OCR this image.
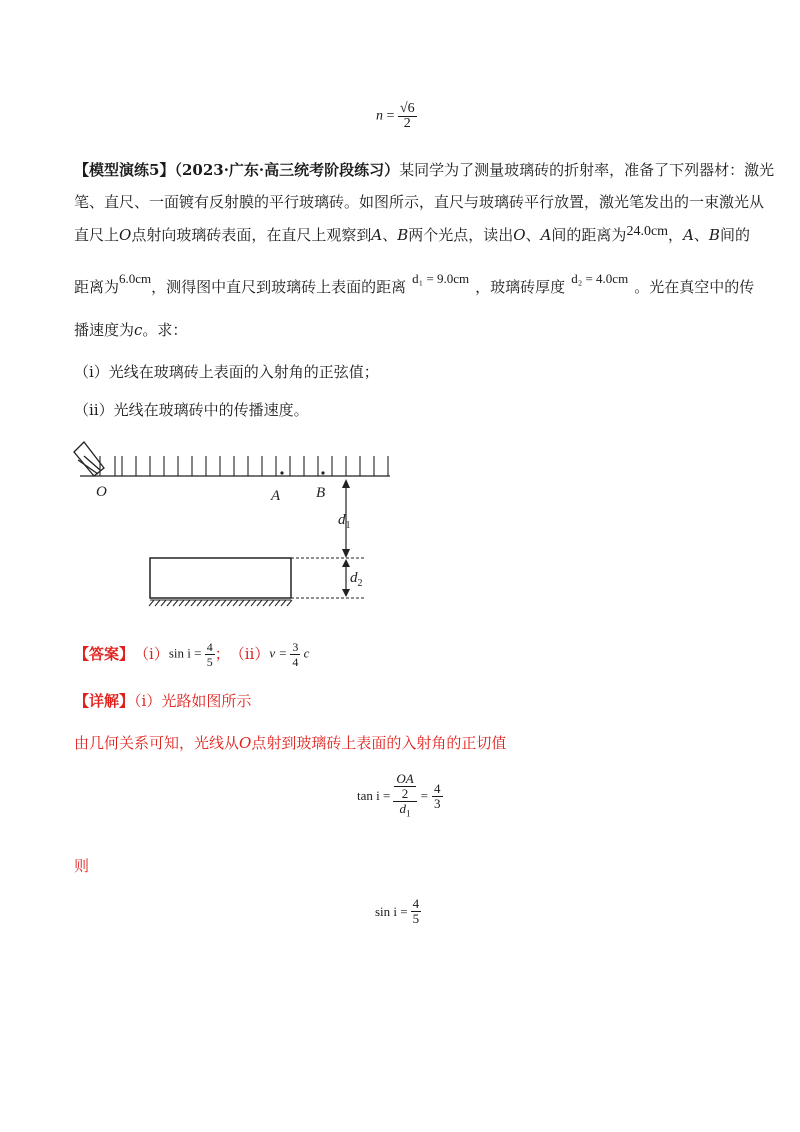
$n = \frac{√6}{2}$
【模型演练5】（2023·广东·高三统考阶段练习）某同学为了测量玻璃砖的折射率，准备了下列器材：激光
笔、直尺、一面镀有反射膜的平行玻璃砖。如图所示，直尺与玻璃砖平行放置，激光笔发出的一束激光从
直尺上O点射向玻璃砖表面，在直尺上观察到A、B两个光点，读出O、A间的距离为24.0cm，A、B间的
距离为6.0cm，测得图中直尺到玻璃砖上表面的距离 d₁ = 9.0cm ，玻璃砖厚度 d₂ = 4.0cm 。光在真空中的传
播速度为c。求：
（ⅰ）光线在玻璃砖上表面的入射角的正弦值；
（ⅱ）光线在玻璃砖中的传播速度。
O	A B
$d_1$
$d_2$
【答案】 （ⅰ） $\sin i = \frac{4}{5}$ ； （ⅱ） $v = \frac{3}{4}$ c
【详解】（ⅰ）光路如图所示
由几何关系可知，光线从O点射到玻璃砖上表面的入射角的正切值
$\tan i = \frac{\frac{OA}{2}}{d_1} = \frac{4}{3}$
则
$\sin i = \frac{4}{5}$
